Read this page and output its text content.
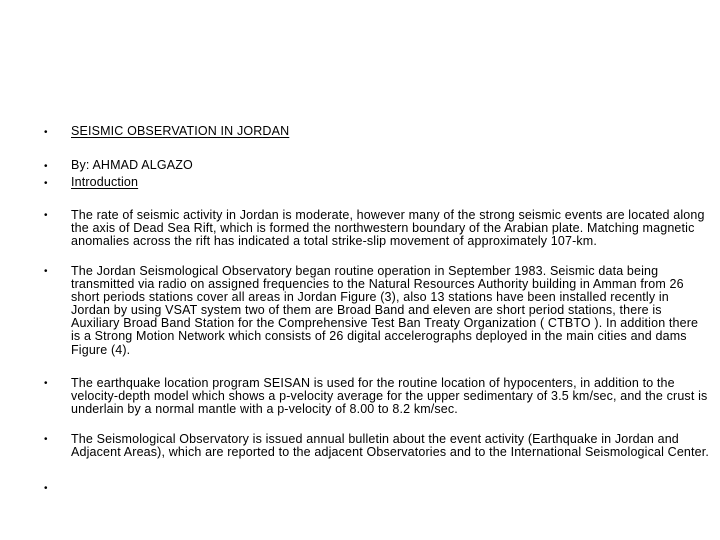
•
•
•
•
•
•
•
•
SEISMIC OBSERVATION IN JORDAN
By: AHMAD ALGAZO
Introduction
The rate of seismic activity in Jordan is moderate, however many of the strong seismic events are located along the axis of Dead Sea Rift, which is formed the northwestern boundary of the Arabian plate. Matching magnetic anomalies across the rift has indicated a total strike-slip movement of approximately 107-km.
The Jordan Seismological Observatory began routine operation in September 1983. Seismic data being transmitted via radio on assigned frequencies to the Natural Resources Authority building in Amman from 26 short periods stations cover all areas in Jordan Figure (3), also 13 stations have been installed recently in Jordan by using VSAT system two of them are Broad Band and eleven are short period stations, there is Auxiliary Broad Band Station for the Comprehensive Test Ban Treaty Organization ( CTBTO ). In addition there is a Strong Motion Network which consists of 26 digital accelerographs deployed in the main cities and dams Figure (4).
The earthquake location program SEISAN is used for the routine location of hypocenters, in addition to the velocity-depth model which shows a p-velocity average for the upper sedimentary of 3.5 km/sec, and the crust is underlain by a normal mantle with a p-velocity of 8.00 to 8.2 km/sec.
The Seismological Observatory is issued annual bulletin about the event activity (Earthquake in Jordan and Adjacent Areas), which are reported to the adjacent Observatories and to the International Seismological Center.
